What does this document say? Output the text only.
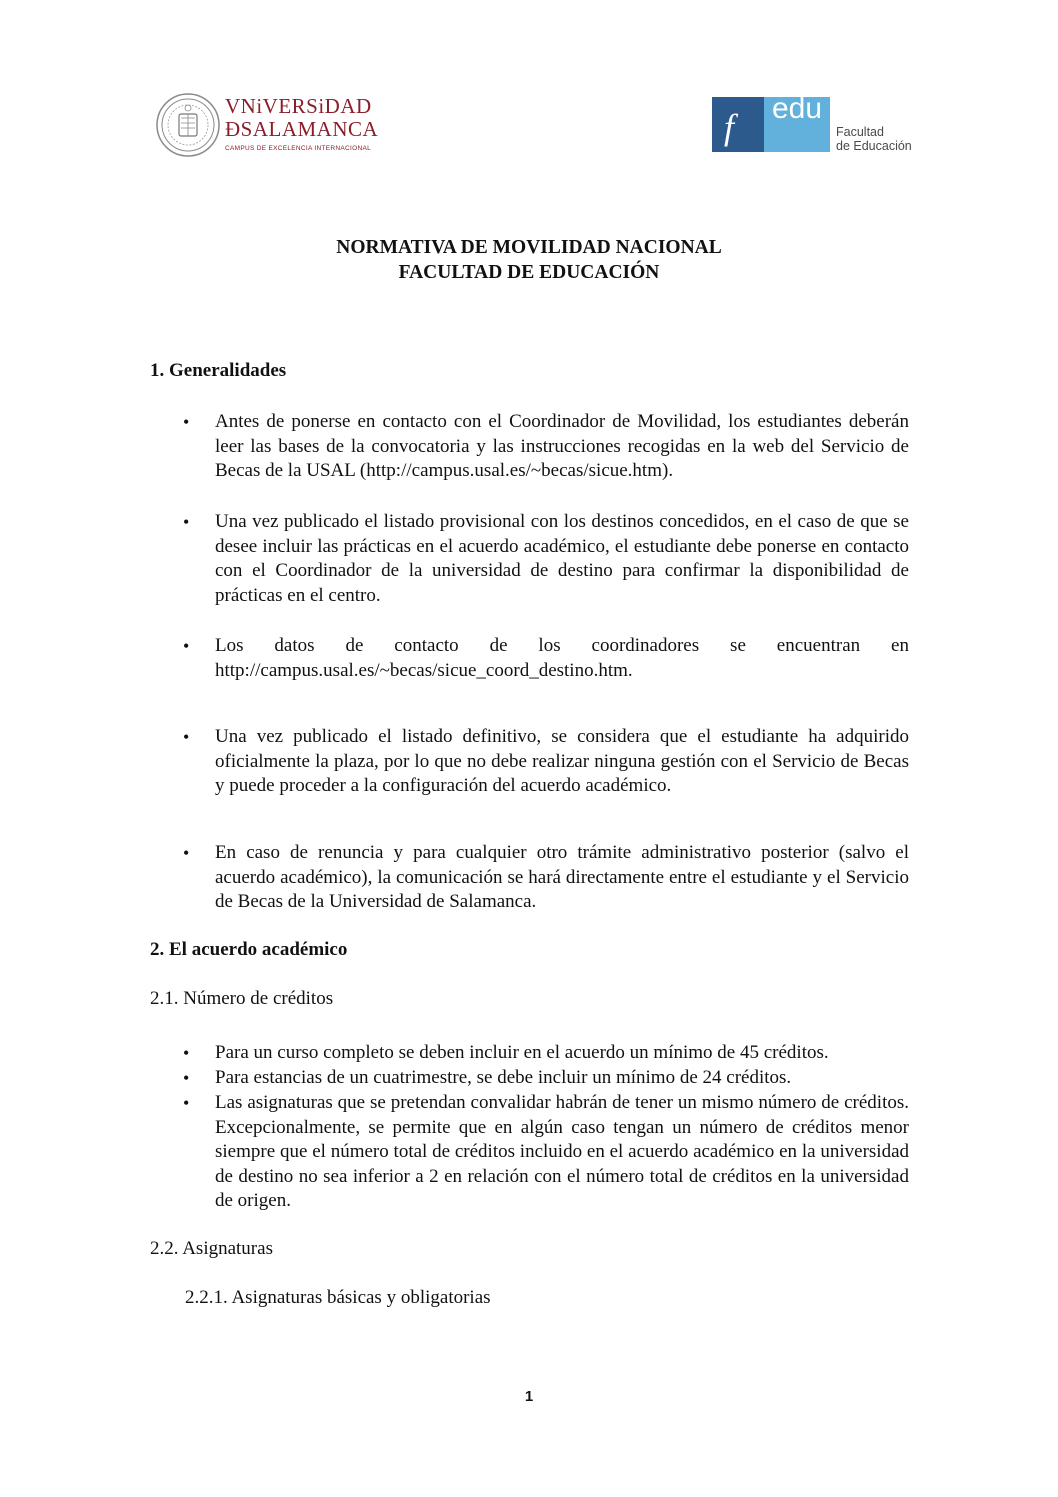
VNiVERSiDAD
ÐSALAMANCA
CAMPUS DE EXCELENCIA INTERNACIONAL
f edu
Facultad
de Educación
NORMATIVA DE MOVILIDAD NACIONAL
FACULTAD DE EDUCACIÓN
1. Generalidades
• Antes de ponerse en contacto con el Coordinador de Movilidad, los estudiantes deberán leer las bases de la convocatoria y las instrucciones recogidas en la web del Servicio de Becas de la USAL (http://campus.usal.es/~becas/sicue.htm).
• Una vez publicado el listado provisional con los destinos concedidos, en el caso de que se desee incluir las prácticas en el acuerdo académico, el estudiante debe ponerse en contacto con el Coordinador de la universidad de destino para confirmar la disponibilidad de prácticas en el centro.
• Los datos de contacto de los coordinadores se encuentran en
http://campus.usal.es/~becas/sicue_coord_destino.htm.
• Una vez publicado el listado definitivo, se considera que el estudiante ha adquirido oficialmente la plaza, por lo que no debe realizar ninguna gestión con el Servicio de Becas y puede proceder a la configuración del acuerdo académico.
• En caso de renuncia y para cualquier otro trámite administrativo posterior (salvo el acuerdo académico), la comunicación se hará directamente entre el estudiante y el Servicio de Becas de la Universidad de Salamanca.
2. El acuerdo académico
2.1. Número de créditos
• Para un curso completo se deben incluir en el acuerdo un mínimo de 45 créditos.
• Para estancias de un cuatrimestre, se debe incluir un mínimo de 24 créditos.
• Las asignaturas que se pretendan convalidar habrán de tener un mismo número de créditos. Excepcionalmente, se permite que en algún caso tengan un número de créditos menor siempre que el número total de créditos incluido en el acuerdo académico en la universidad de destino no sea inferior a 2 en relación con el número total de créditos en la universidad de origen.
2.2. Asignaturas
2.2.1. Asignaturas básicas y obligatorias
1
